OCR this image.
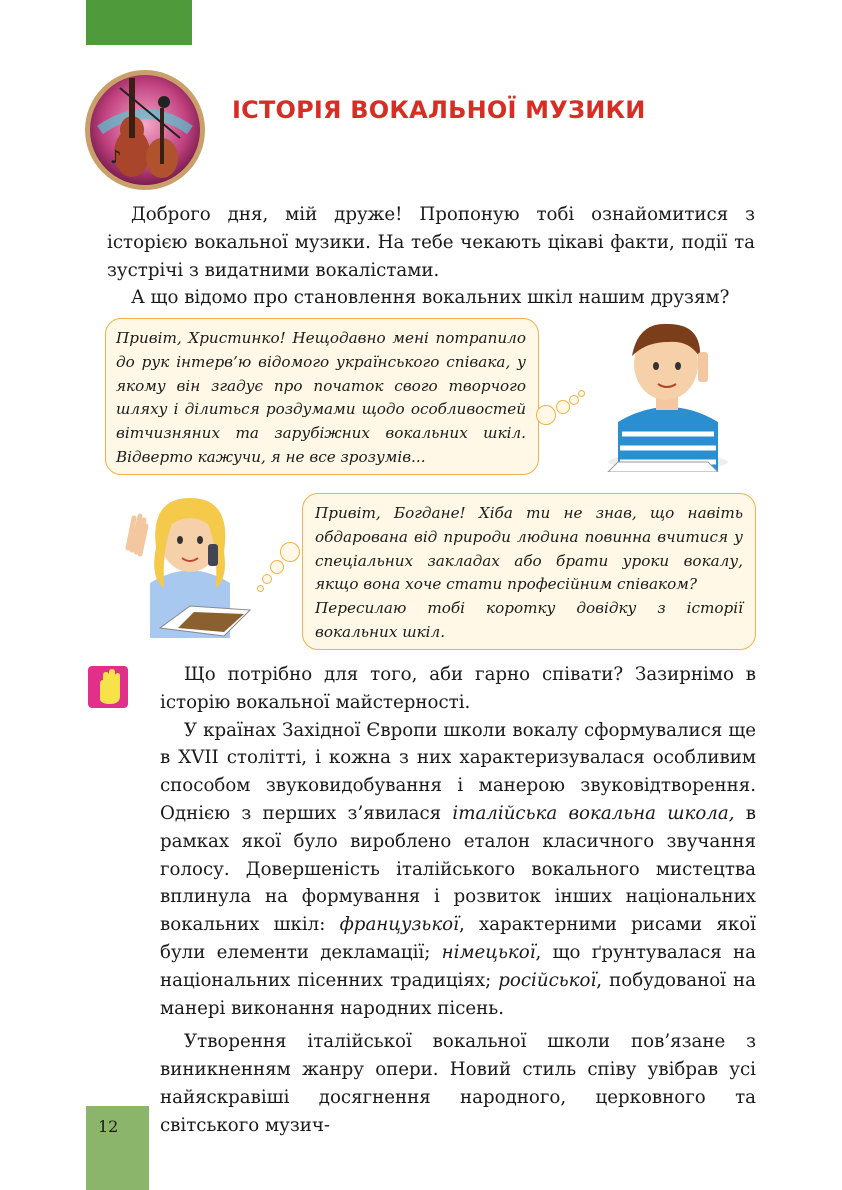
♪
ІСТОРІЯ ВОКАЛЬНОЇ МУЗИКИ

Доброго дня, мій друже! Пропоную тобі ознайомитися з історією вокальної музики. На тебе чекають цікаві факти, події та зустрічі з видатними вокалістами.

А що відомо про становлення вокальних шкіл нашим друзям?

Привіт, Христинко! Нещодавно мені потрапило до рук інтерв’ю відомого українського співака, у якому він згадує про початок свого творчого шляху і ділиться роздумами щодо особливостей вітчизняних та зарубіжних вокальних шкіл. Відверто кажучи, я не все зрозумів...

Привіт, Богдане! Хіба ти не знав, що навіть обдарована від природи людина повинна вчитися у спеціальних закладах або брати уроки вокалу, якщо вона хоче стати професійним співаком?

Пересилаю тобі коротку довідку з історії вокальних шкіл.

Що потрібно для того, аби гарно співати? Зазирнімо в історію вокальної майстерності.

У країнах Західної Європи школи вокалу сформувалися ще в XVII столітті, і кожна з них характеризувалася особливим способом звуковидобування і манерою звуковідтворення. Однією з перших з’явилася італійська вокальна школа, в рамках якої було вироблено еталон класичного звучання голосу. Довершеність італійського вокального мистецтва вплинула на формування і розвиток інших національних вокальних шкіл: французької, характерними рисами якої були елементи декламації; німецької, що ґрунтувалася на національних пісенних традиціях; російської, побудованої на манері виконання народних пісень.

Утворення італійської вокальної школи пов’язане з виникненням жанру опери. Новий стиль співу увібрав усі найяскравіші досягнення народного, церковного та світського музич-

12
